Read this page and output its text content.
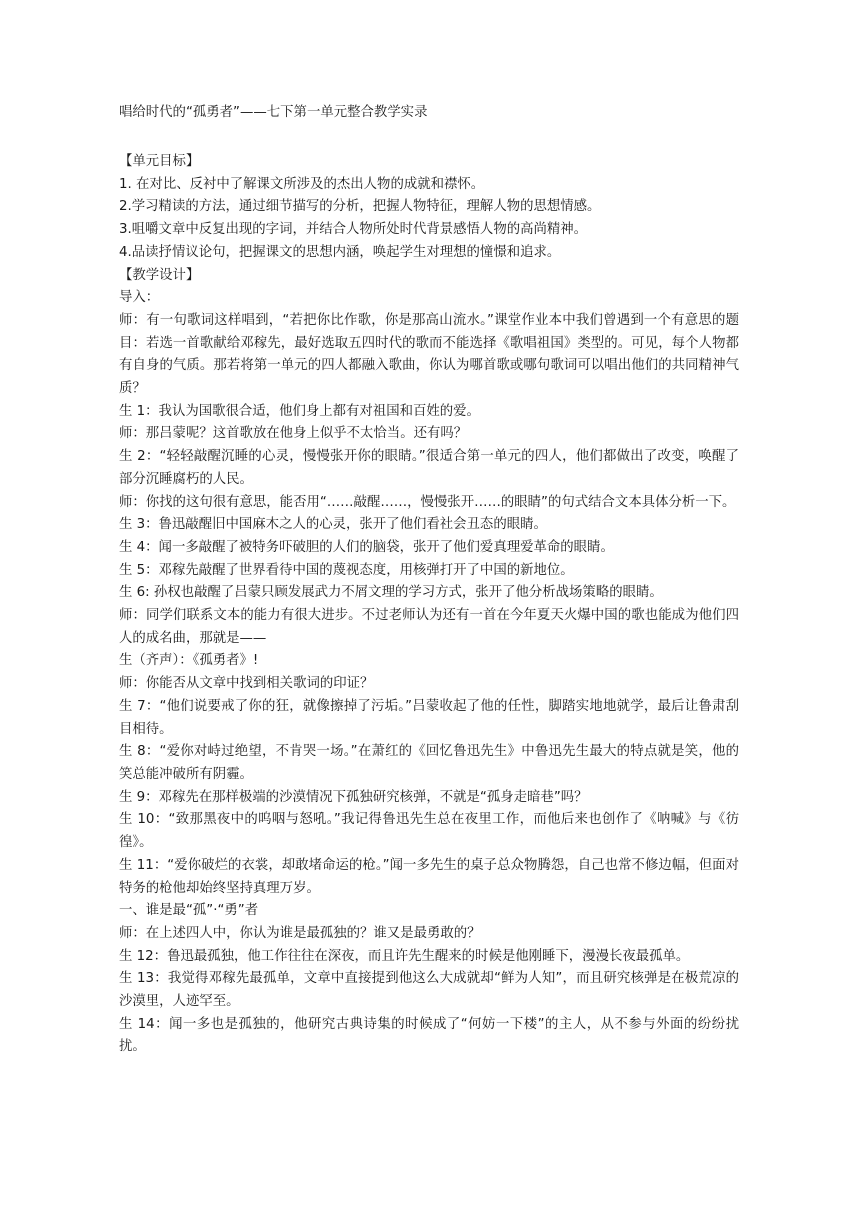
唱给时代的“孤勇者”——七下第一单元整合教学实录
【单元目标】
1. 在对比、反衬中了解课文所涉及的杰出人物的成就和襟怀。
2.学习精读的方法，通过细节描写的分析，把握人物特征，理解人物的思想情感。
3.咀嚼文章中反复出现的字词，并结合人物所处时代背景感悟人物的高尚精神。
4.品读抒情议论句，把握课文的思想内涵，唤起学生对理想的憧憬和追求。
【教学设计】
导入：

师：有一句歌词这样唱到，“若把你比作歌，你是那高山流水。”课堂作业本中我们曾遇到一个有意思的题目：若选一首歌献给邓稼先，最好选取五四时代的歌而不能选择《歌唱祖国》类型的。可见，每个人物都有自身的气质。那若将第一单元的四人都融入歌曲，你认为哪首歌或哪句歌词可以唱出他们的共同精神气质？

生 1：我认为国歌很合适，他们身上都有对祖国和百姓的爱。

师：那吕蒙呢？这首歌放在他身上似乎不太恰当。还有吗？

生 2：“轻轻敲醒沉睡的心灵，慢慢张开你的眼睛。”很适合第一单元的四人，他们都做出了改变，唤醒了部分沉睡腐朽的人民。

师：你找的这句很有意思，能否用“……敲醒……，慢慢张开……的眼睛”的句式结合文本具体分析一下。

生 3：鲁迅敲醒旧中国麻木之人的心灵，张开了他们看社会丑态的眼睛。

生 4：闻一多敲醒了被特务吓破胆的人们的脑袋，张开了他们爱真理爱革命的眼睛。

生 5：邓稼先敲醒了世界看待中国的蔑视态度，用核弹打开了中国的新地位。

生 6: 孙权也敲醒了吕蒙只顾发展武力不屑文理的学习方式，张开了他分析战场策略的眼睛。

师：同学们联系文本的能力有很大进步。不过老师认为还有一首在今年夏天火爆中国的歌也能成为他们四人的成名曲，那就是——

生（齐声）：《孤勇者》!

师：你能否从文章中找到相关歌词的印证？

生 7：“他们说要戒了你的狂，就像擦掉了污垢。”吕蒙收起了他的任性，脚踏实地地就学，最后让鲁肃刮目相待。

生 8：“爱你对峙过绝望，不肯哭一场。”在萧红的《回忆鲁迅先生》中鲁迅先生最大的特点就是笑，他的笑总能冲破所有阴霾。

生 9：邓稼先在那样极端的沙漠情况下孤独研究核弹，不就是“孤身走暗巷”吗？

生 10：“致那黑夜中的呜咽与怒吼。”我记得鲁迅先生总在夜里工作，而他后来也创作了《呐喊》与《彷徨》。

生 11：“爱你破烂的衣裳，却敢堵命运的枪。”闻一多先生的桌子总众物腾怨，自己也常不修边幅，但面对特务的枪他却始终坚持真理万岁。

一、谁是最“孤”·“勇”者

师：在上述四人中，你认为谁是最孤独的？谁又是最勇敢的？

生 12：鲁迅最孤独，他工作往往在深夜，而且许先生醒来的时候是他刚睡下，漫漫长夜最孤单。

生 13：我觉得邓稼先最孤单，文章中直接提到他这么大成就却“鲜为人知”，而且研究核弹是在极荒凉的沙漠里，人迹罕至。

生 14：闻一多也是孤独的，他研究古典诗集的时候成了“何妨一下楼”的主人，从不参与外面的纷纷扰扰。
